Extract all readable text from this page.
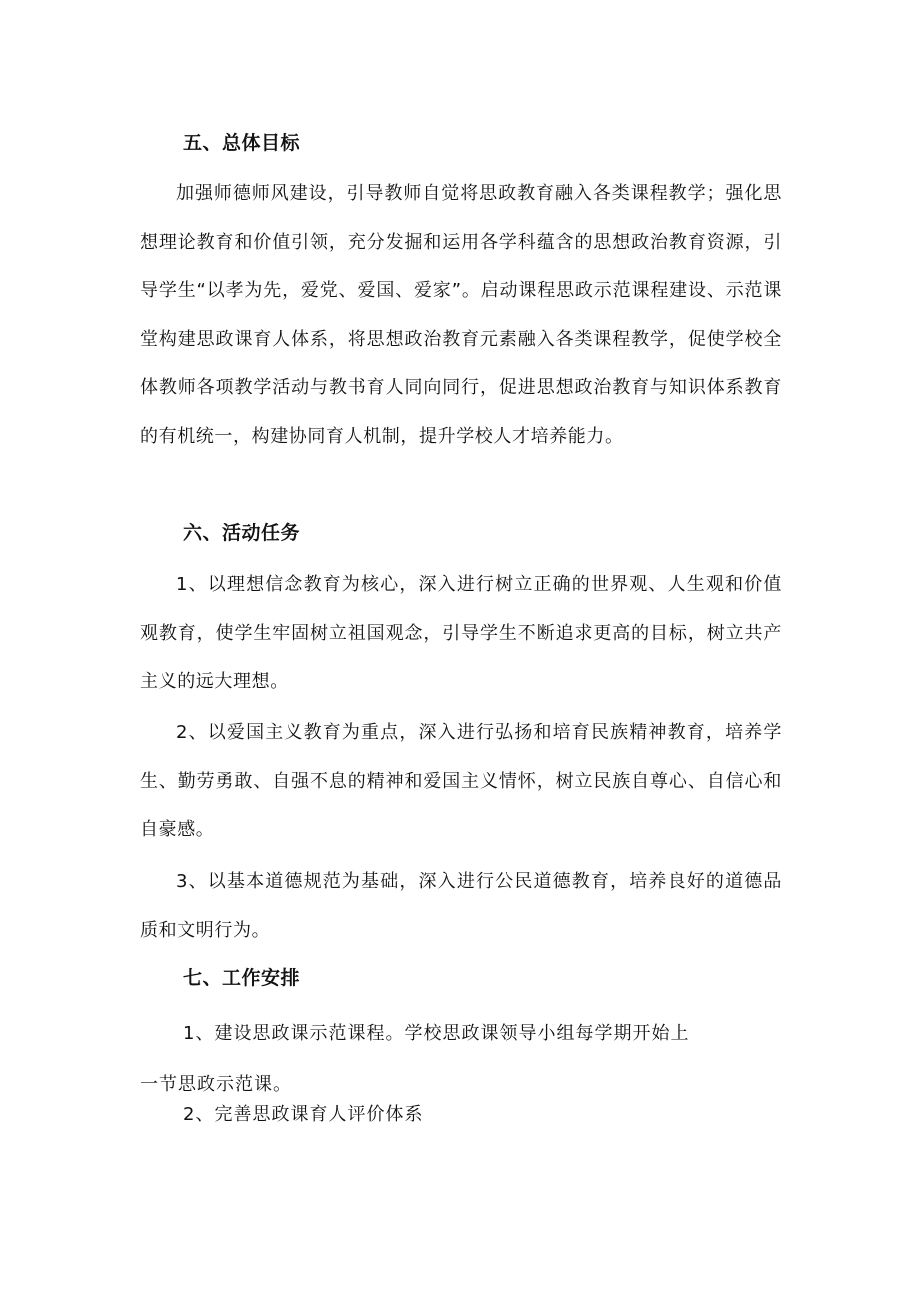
五、总体目标
加强师德师风建设，引导教师自觉将思政教育融入各类课程教学；强化思想理论教育和价值引领，充分发掘和运用各学科蕴含的思想政治教育资源，引导学生“以孝为先，爱党、爱国、爱家”。启动课程思政示范课程建设、示范课堂构建思政课育人体系，将思想政治教育元素融入各类课程教学，促使学校全体教师各项教学活动与教书育人同向同行，促进思想政治教育与知识体系教育的有机统一，构建协同育人机制，提升学校人才培养能力。
六、活动任务
1、以理想信念教育为核心，深入进行树立正确的世界观、人生观和价值观教育，使学生牢固树立祖国观念，引导学生不断追求更高的目标，树立共产主义的远大理想。
2、以爱国主义教育为重点，深入进行弘扬和培育民族精神教育，培养学生、勤劳勇敢、自强不息的精神和爱国主义情怀，树立民族自尊心、自信心和自豪感。
3、以基本道德规范为基础，深入进行公民道德教育，培养良好的道德品质和文明行为。
七、工作安排
1、建设思政课示范课程。学校思政课领导小组每学期开始上
一节思政示范课。
2、完善思政课育人评价体系
